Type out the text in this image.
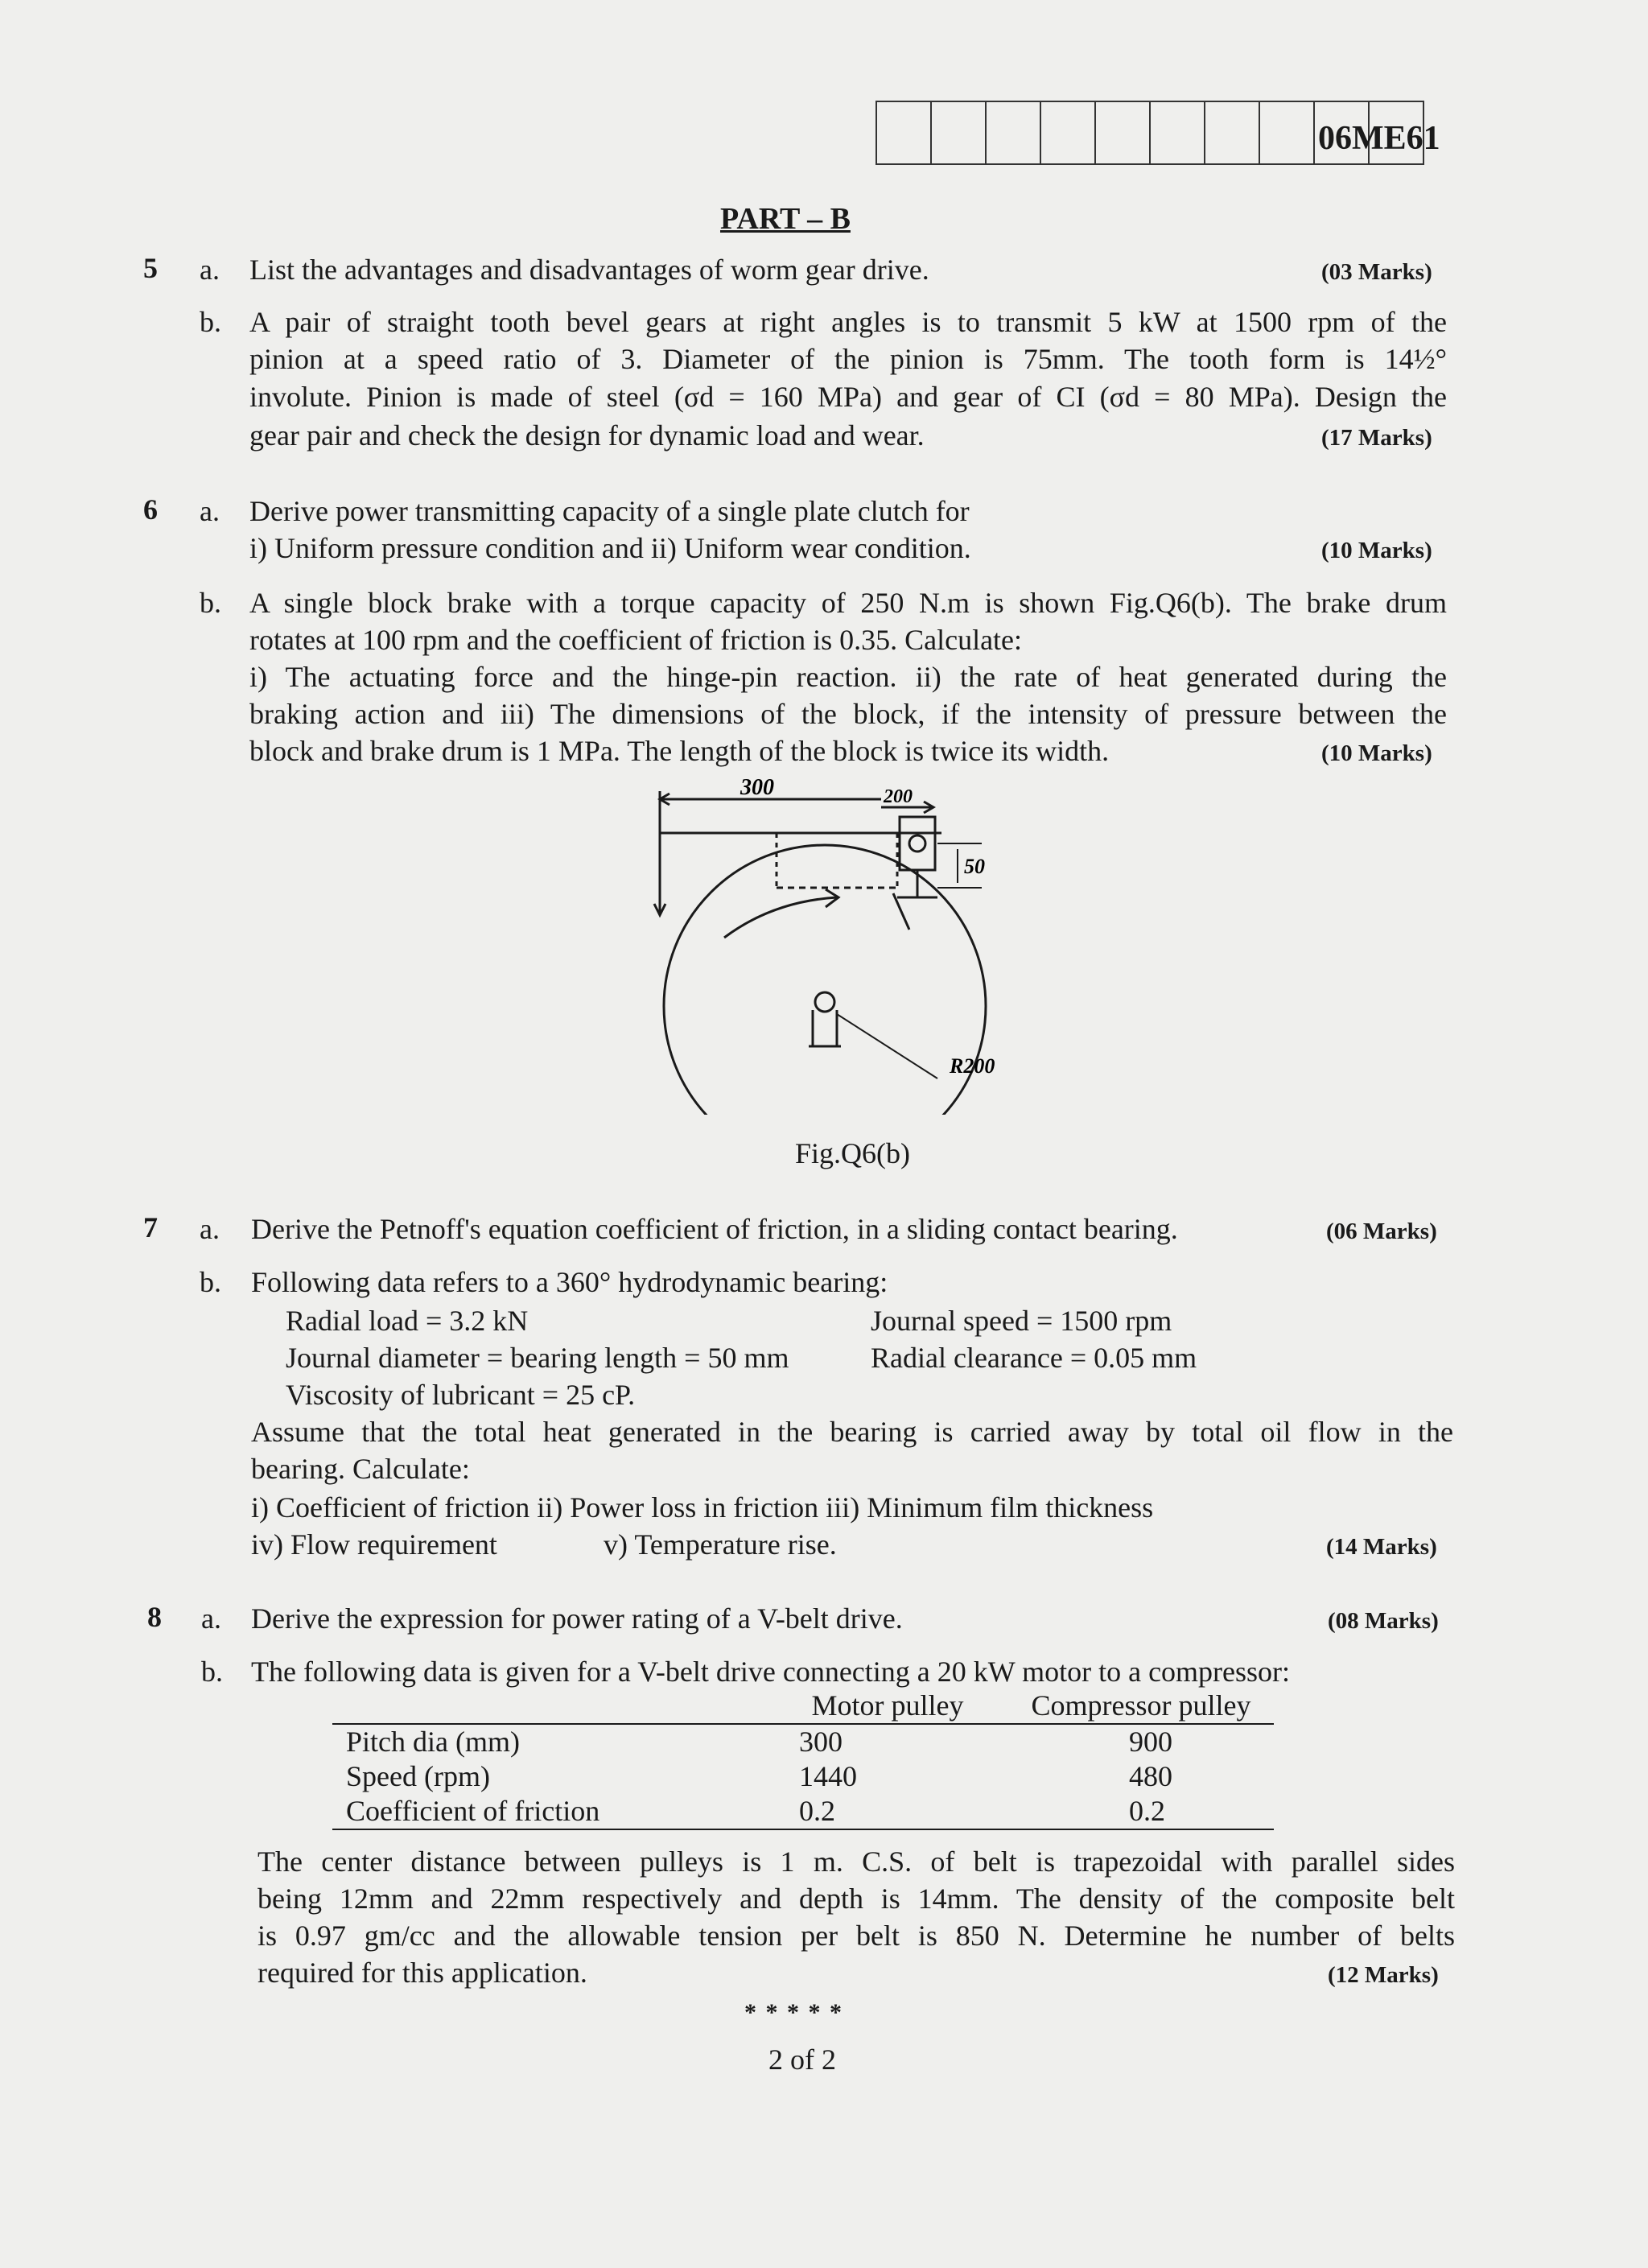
06ME61
PART – B
5 a. List the advantages and disadvantages of worm gear drive.	(03 Marks)
b. A pair of straight tooth bevel gears at right angles is to transmit 5 kW at 1500 rpm of the
pinion at a speed ratio of 3. Diameter of the pinion is 75mm. The tooth form is 14½°
involute. Pinion is made of steel (σd = 160 MPa) and gear of CI (σd = 80 MPa). Design the
gear pair and check the design for dynamic load and wear.	(17 Marks)
6 a. Derive power transmitting capacity of a single plate clutch for
i) Uniform pressure condition and ii) Uniform wear condition.	(10 Marks)
b. A single block brake with a torque capacity of 250 N.m is shown Fig.Q6(b). The brake drum
rotates at 100 rpm and the coefficient of friction is 0.35. Calculate:
i) The actuating force and the hinge-pin reaction. ii) the rate of heat generated during the
braking action and iii) The dimensions of the block, if the intensity of pressure between the
block and brake drum is 1 MPa. The length of the block is twice its width.	(10 Marks)
300	200
50
R200
Fig.Q6(b)
7 a. Derive the Petnoff's equation coefficient of friction, in a sliding contact bearing.	(06 Marks)
b. Following data refers to a 360° hydrodynamic bearing:
Radial load = 3.2 kN	Journal speed = 1500 rpm
Journal diameter = bearing length = 50 mm	Radial clearance = 0.05 mm
Viscosity of lubricant = 25 cP.
Assume that the total heat generated in the bearing is carried away by total oil flow in the
bearing. Calculate:
i) Coefficient of friction ii) Power loss in friction iii) Minimum film thickness
iv) Flow requirement	v) Temperature rise.	(14 Marks)
8 a. Derive the expression for power rating of a V-belt drive.	(08 Marks)
b. The following data is given for a V-belt drive connecting a 20 kW motor to a compressor:
	Motor pulley	Compressor pulley
Pitch dia (mm)	300	900
Speed (rpm)	1440	480
Coefficient of friction	0.2	0.2
The center distance between pulleys is 1 m. C.S. of belt is trapezoidal with parallel sides
being 12mm and 22mm respectively and depth is 14mm. The density of the composite belt
is 0.97 gm/cc and the allowable tension per belt is 850 N. Determine he number of belts
required for this application.	(12 Marks)
* * * * *
2 of 2
